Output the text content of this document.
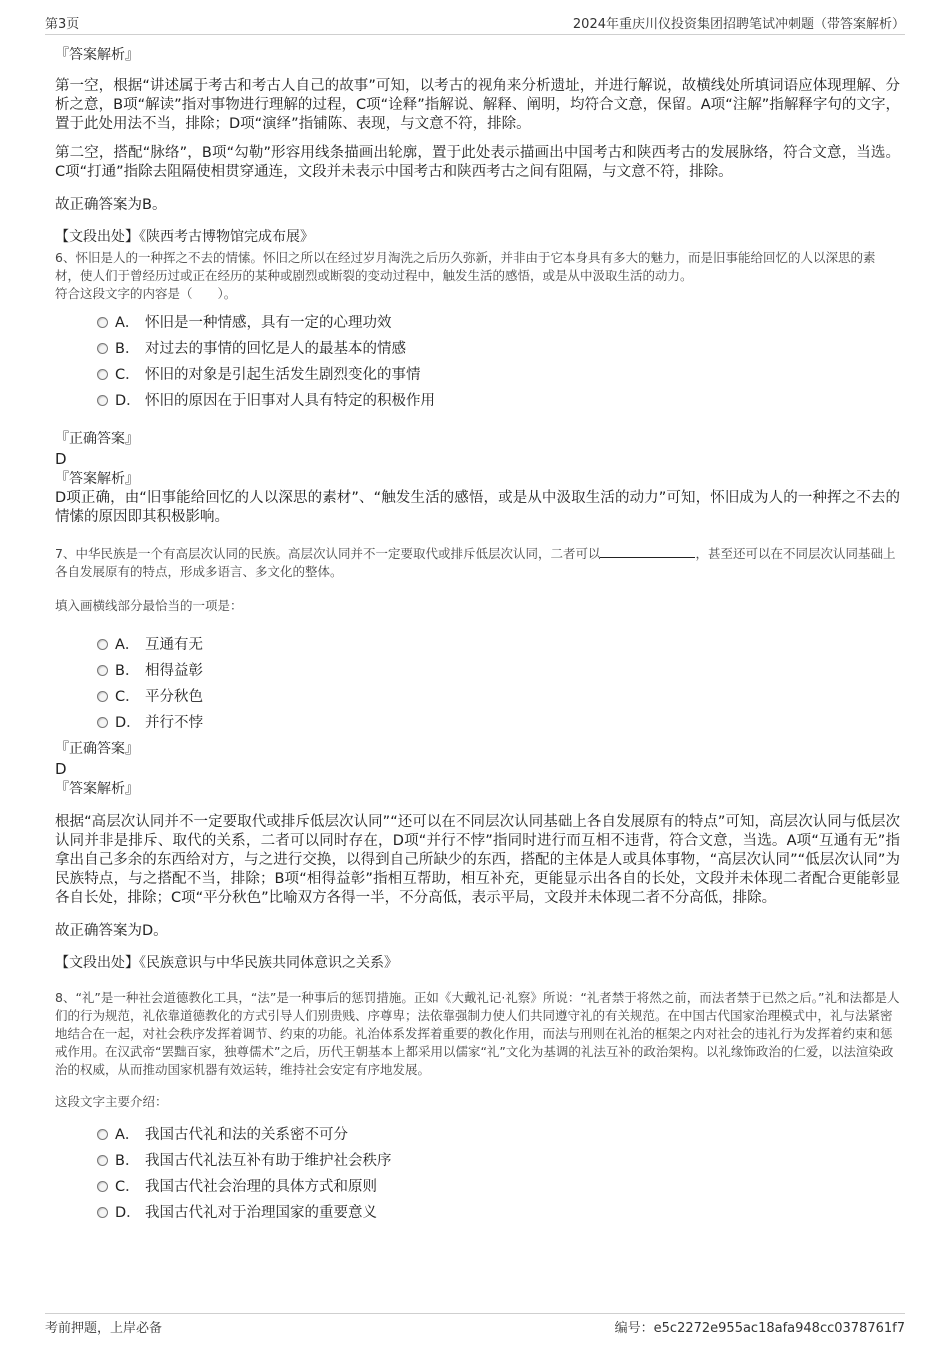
第3页	2024年重庆川仪投资集团招聘笔试冲刺题（带答案解析）
『答案解析』

第一空，根据“讲述属于考古和考古人自己的故事”可知，以考古的视角来分析遗址，并进行解说，故横线处所填词语应体现理解、分析之意，B项“解读”指对事物进行理解的过程，C项“诠释”指解说、解释、阐明，均符合文意，保留。A项“注解”指解释字句的文字，置于此处用法不当，排除；D项“演绎”指铺陈、表现，与文意不符，排除。

第二空，搭配“脉络”，B项“勾勒”形容用线条描画出轮廓，置于此处表示描画出中国考古和陕西考古的发展脉络，符合文意，当选。C项“打通”指除去阻隔使相贯穿通连，文段并未表示中国考古和陕西考古之间有阻隔，与文意不符，排除。

故正确答案为B。

【文段出处】《陕西考古博物馆完成布展》

6、怀旧是人的一种挥之不去的情愫。怀旧之所以在经过岁月淘洗之后历久弥新，并非由于它本身具有多大的魅力，而是旧事能给回忆的人以深思的素材，使人们于曾经历过或正在经历的某种或剧烈或断裂的变动过程中，触发生活的感悟，或是从中汲取生活的动力。

符合这段文字的内容是（　　）。

A． 怀旧是一种情感，具有一定的心理功效
B． 对过去的事情的回忆是人的最基本的情感
C． 怀旧的对象是引起生活发生剧烈变化的事情
D． 怀旧的原因在于旧事对人具有特定的积极作用
『正确答案』
D
『答案解析』

D项正确，由“旧事能给回忆的人以深思的素材”、“触发生活的感悟，或是从中汲取生活的动力”可知，怀旧成为人的一种挥之不去的情愫的原因即其积极影响。

7、中华民族是一个有高层次认同的民族。高层次认同并不一定要取代或排斥低层次认同，二者可以	，甚至还可以在不同层次认同基础上各自发展原有的特点，形成多语言、多文化的整体。

填入画横线部分最恰当的一项是：

A． 互通有无
B． 相得益彰
C． 平分秋色
D． 并行不悖
『正确答案』
D
『答案解析』

根据“高层次认同并不一定要取代或排斥低层次认同”“还可以在不同层次认同基础上各自发展原有的特点”可知，高层次认同与低层次认同并非是排斥、取代的关系，二者可以同时存在，D项“并行不悖”指同时进行而互相不违背，符合文意，当选。A项“互通有无”指拿出自己多余的东西给对方，与之进行交换，以得到自己所缺少的东西，搭配的主体是人或具体事物，“高层次认同”“低层次认同”为民族特点，与之搭配不当，排除；B项“相得益彰”指相互帮助，相互补充，更能显示出各自的长处，文段并未体现二者配合更能彰显各自长处，排除；C项“平分秋色”比喻双方各得一半，不分高低，表示平局，文段并未体现二者不分高低，排除。

故正确答案为D。

【文段出处】《民族意识与中华民族共同体意识之关系》

8、“礼”是一种社会道德教化工具，“法”是一种事后的惩罚措施。正如《大戴礼记·礼察》所说：“礼者禁于将然之前，而法者禁于已然之后。”礼和法都是人们的行为规范，礼依靠道德教化的方式引导人们别贵贱、序尊卑；法依靠强制力使人们共同遵守礼的有关规范。在中国古代国家治理模式中，礼与法紧密地结合在一起，对社会秩序发挥着调节、约束的功能。礼治体系发挥着重要的教化作用，而法与刑则在礼治的框架之内对社会的违礼行为发挥着约束和惩戒作用。在汉武帝“罢黜百家，独尊儒术”之后，历代王朝基本上都采用以儒家“礼”文化为基调的礼法互补的政治架构。以礼缘饰政治的仁爱，以法渲染政治的权威，从而推动国家机器有效运转，维持社会安定有序地发展。

这段文字主要介绍：

A． 我国古代礼和法的关系密不可分
B． 我国古代礼法互补有助于维护社会秩序
C． 我国古代社会治理的具体方式和原则
D． 我国古代礼对于治理国家的重要意义
考前押题，上岸必备	编号：e5c2272e955ac18afa948cc0378761f7
